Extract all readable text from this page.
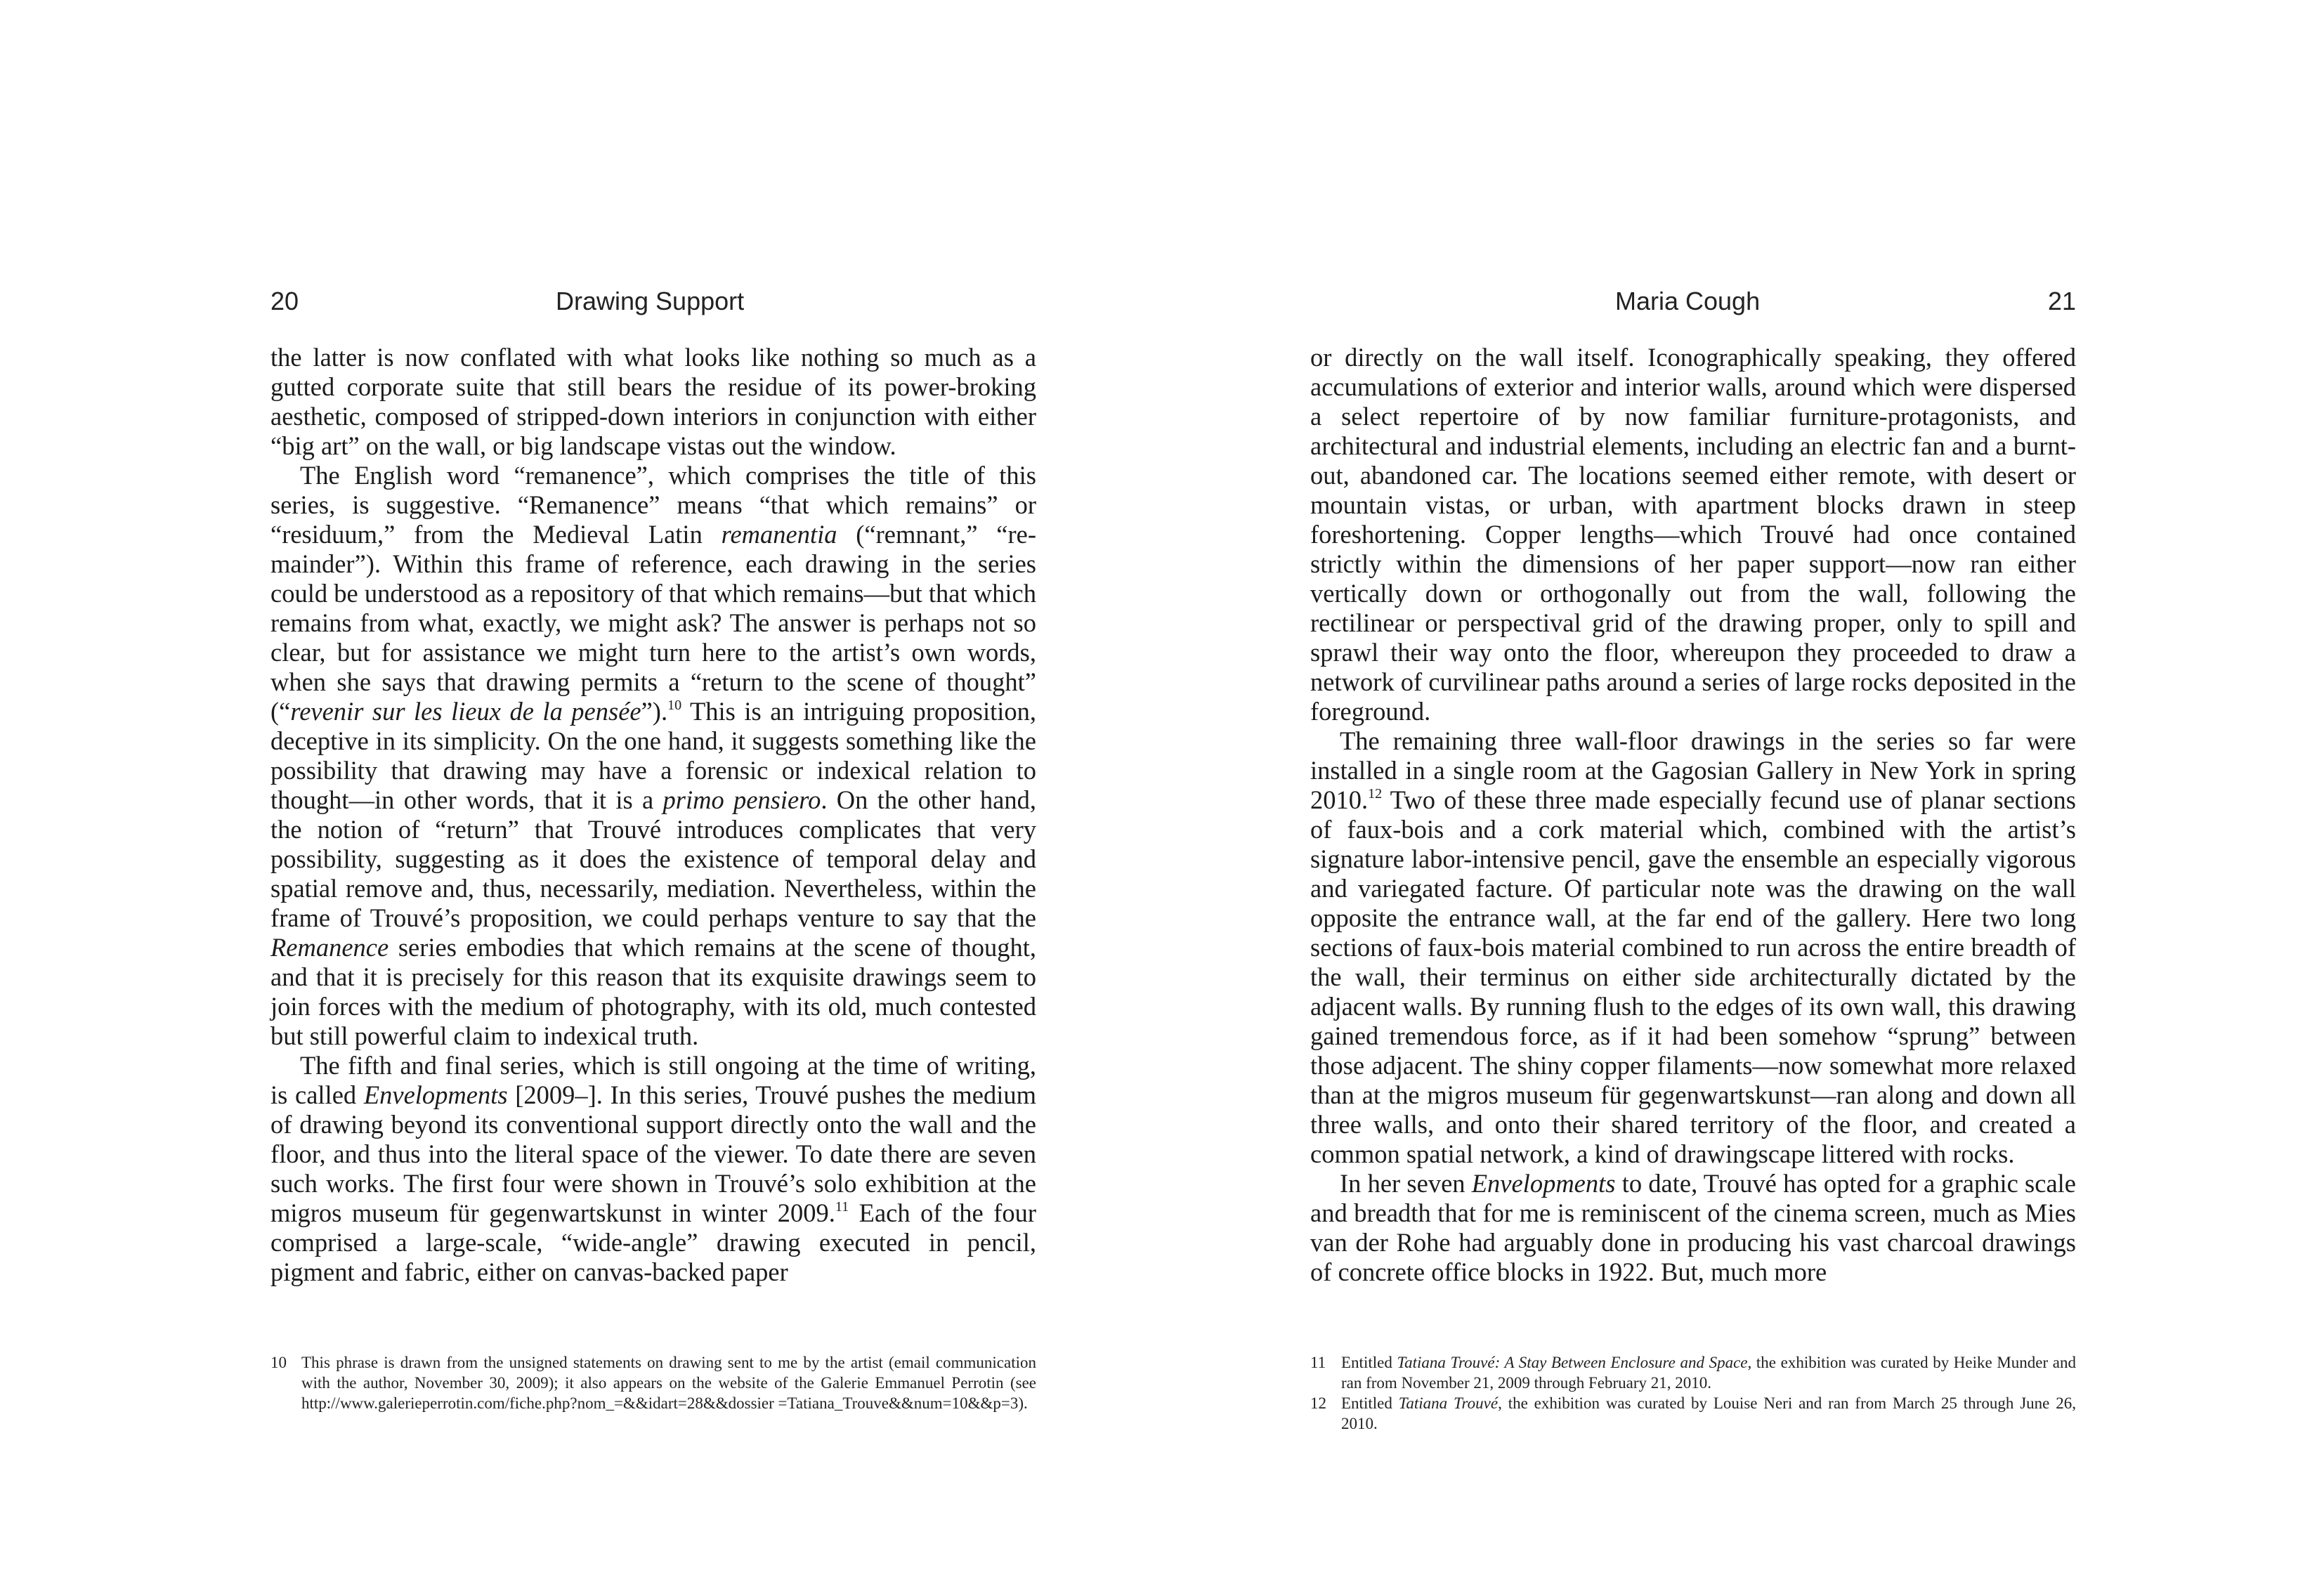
20	Drawing Support

the latter is now conflated with what looks like nothing so much as a gutted corporate suite that still bears the residue of its power-broking aesthetic, composed of stripped-down interiors in conjunction with either “big art” on the wall, or big landscape vistas out the window.

The English word “remanence”, which comprises the title of this series, is suggestive. “Remanence” means “that which remains” or “residuum,” from the Medieval Latin remanentia (“remnant,” “remainder”). Within this frame of reference, each drawing in the series could be understood as a repository of that which remains—but that which remains from what, exactly, we might ask? The answer is perhaps not so clear, but for assistance we might turn here to the artist’s own words, when she says that drawing permits a “return to the scene of thought” (“revenir sur les lieux de la pensée”).$^{10}$ This is an intriguing proposition, deceptive in its simplicity. On the one hand, it suggests something like the possibility that drawing may have a forensic or indexical relation to thought—in other words, that it is a primo pensiero. On the other hand, the notion of “return” that Trouvé introduces complicates that very possibility, suggesting as it does the existence of temporal delay and spatial remove and, thus, necessarily, mediation. Nevertheless, within the frame of Trouvé’s proposition, we could perhaps venture to say that the Remanence series embodies that which remains at the scene of thought, and that it is precisely for this reason that its exquisite drawings seem to join forces with the medium of photography, with its old, much contested but still powerful claim to indexical truth.

The fifth and final series, which is still ongoing at the time of writing, is called Envelopments [2009–]. In this series, Trouvé pushes the medium of drawing beyond its conventional support directly onto the wall and the floor, and thus into the literal space of the viewer. To date there are seven such works. The first four were shown in Trouvé’s solo exhibition at the migros museum für gegenwartskunst in winter 2009.11 Each of the four comprised a large-scale, “wide-angle” drawing executed in pencil, pigment and fabric, either on canvas-backed paper

10 This phrase is drawn from the unsigned statements on drawing sent to me by the artist (email communication with the author, November 30, 2009); it also appears on the website of the Galerie Emmanuel Perrotin (see http://www.galerieperrotin.com/fiche.php?nom_=&&idart=28&&dossier =Tatiana_Trouve&&num=10&&p=3).
Maria Cough	21

or directly on the wall itself. Iconographically speaking, they offered accumulations of exterior and interior walls, around which were dispersed a select repertoire of by now familiar furniture-protagonists, and architectural and industrial elements, including an electric fan and a burnt-out, abandoned car. The locations seemed either remote, with desert or mountain vistas, or urban, with apartment blocks drawn in steep foreshortening. Copper lengths—which Trouvé had once contained strictly within the dimensions of her paper support—now ran either vertically down or orthogonally out from the wall, following the rectilinear or perspectival grid of the drawing proper, only to spill and sprawl their way onto the floor, whereupon they proceeded to draw a network of curvilinear paths around a series of large rocks deposited in the foreground.

The remaining three wall-floor drawings in the series so far were installed in a single room at the Gagosian Gallery in New York in spring 2010.12 Two of these three made especially fecund use of planar sections of faux-bois and a cork material which, combined with the artist’s signature labor-intensive pencil, gave the ensemble an especially vigorous and variegated facture. Of particular note was the drawing on the wall opposite the entrance wall, at the far end of the gallery. Here two long sections of faux-bois material combined to run across the entire breadth of the wall, their terminus on either side architecturally dictated by the adjacent walls. By running flush to the edges of its own wall, this drawing gained tremendous force, as if it had been somehow “sprung” between those adjacent. The shiny copper filaments—now somewhat more relaxed than at the migros museum für gegenwartskunst—ran along and down all three walls, and onto their shared territory of the floor, and created a common spatial network, a kind of drawingscape littered with rocks.

In her seven Envelopments to date, Trouvé has opted for a graphic scale and breadth that for me is reminiscent of the cinema screen, much as Mies van der Rohe had arguably done in producing his vast charcoal drawings of concrete office blocks in 1922. But, much more

11 Entitled Tatiana Trouvé: A Stay Between Enclosure and Space, the exhibition was curated by Heike Munder and ran from November 21, 2009 through February 21, 2010.
12 Entitled Tatiana Trouvé, the exhibition was curated by Louise Neri and ran from March 25 through June 26, 2010.
